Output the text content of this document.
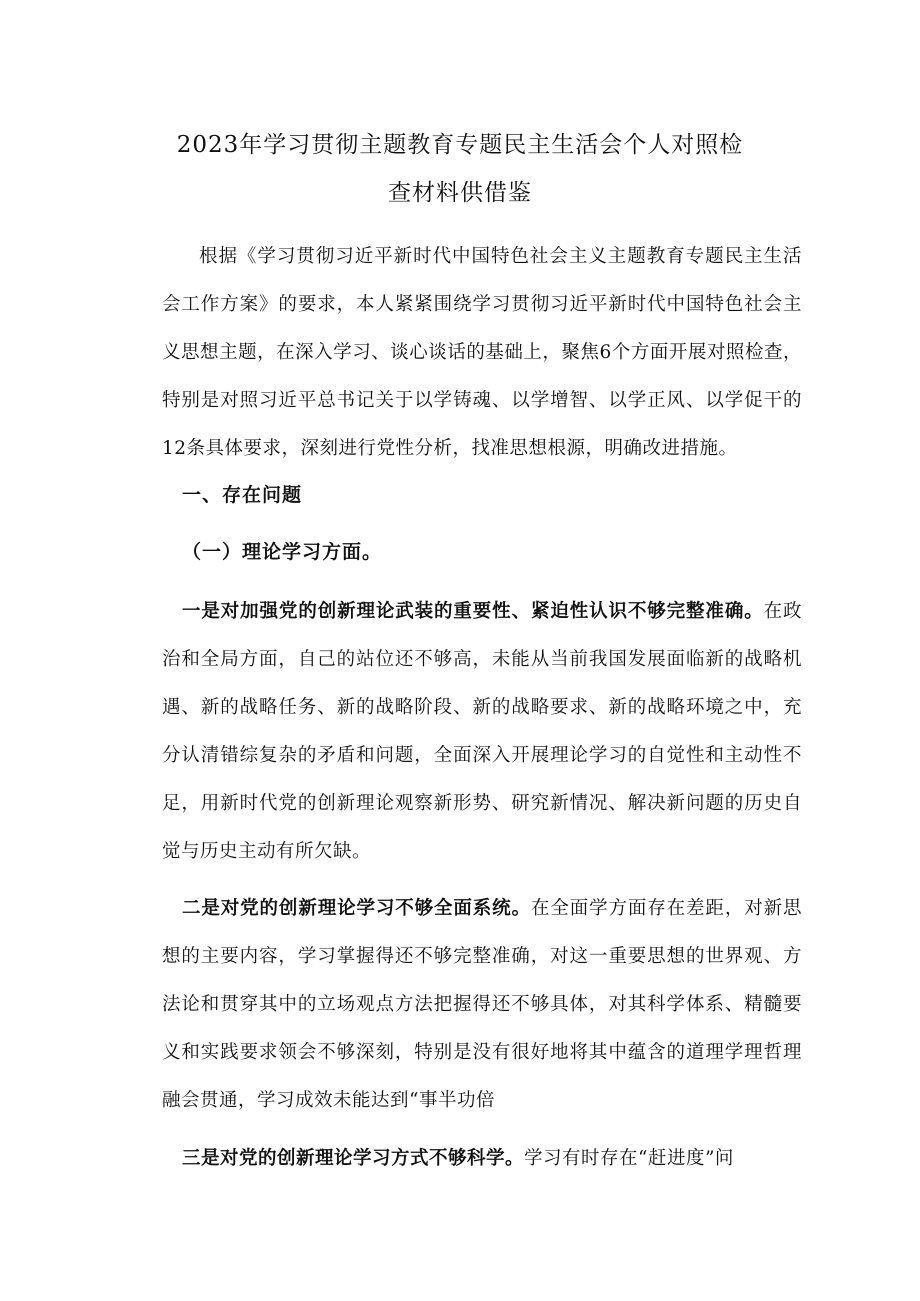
2023年学习贯彻主题教育专题民主生活会个人对照检
查材料供借鉴
根据《学习贯彻习近平新时代中国特色社会主义主题教育专题民主生活会工作方案》的要求，本人紧紧围绕学习贯彻习近平新时代中国特色社会主义思想主题，在深入学习、谈心谈话的基础上，聚焦6个方面开展对照检查，特别是对照习近平总书记关于以学铸魂、以学增智、以学正风、以学促干的12条具体要求，深刻进行党性分析，找准思想根源，明确改进措施。
一、存在问题
（一）理论学习方面。
一是对加强党的创新理论武装的重要性、紧迫性认识不够完整准确。在政治和全局方面，自己的站位还不够高，未能从当前我国发展面临新的战略机遇、新的战略任务、新的战略阶段、新的战略要求、新的战略环境之中，充分认清错综复杂的矛盾和问题，全面深入开展理论学习的自觉性和主动性不足，用新时代党的创新理论观察新形势、研究新情况、解决新问题的历史自觉与历史主动有所欠缺。
二是对党的创新理论学习不够全面系统。在全面学方面存在差距，对新思想的主要内容，学习掌握得还不够完整准确，对这一重要思想的世界观、方法论和贯穿其中的立场观点方法把握得还不够具体，对其科学体系、精髓要义和实践要求领会不够深刻，特别是没有很好地将其中蕴含的道理学理哲理融会贯通，学习成效未能达到“事半功倍
三是对党的创新理论学习方式不够科学。学习有时存在“赶进度”问
